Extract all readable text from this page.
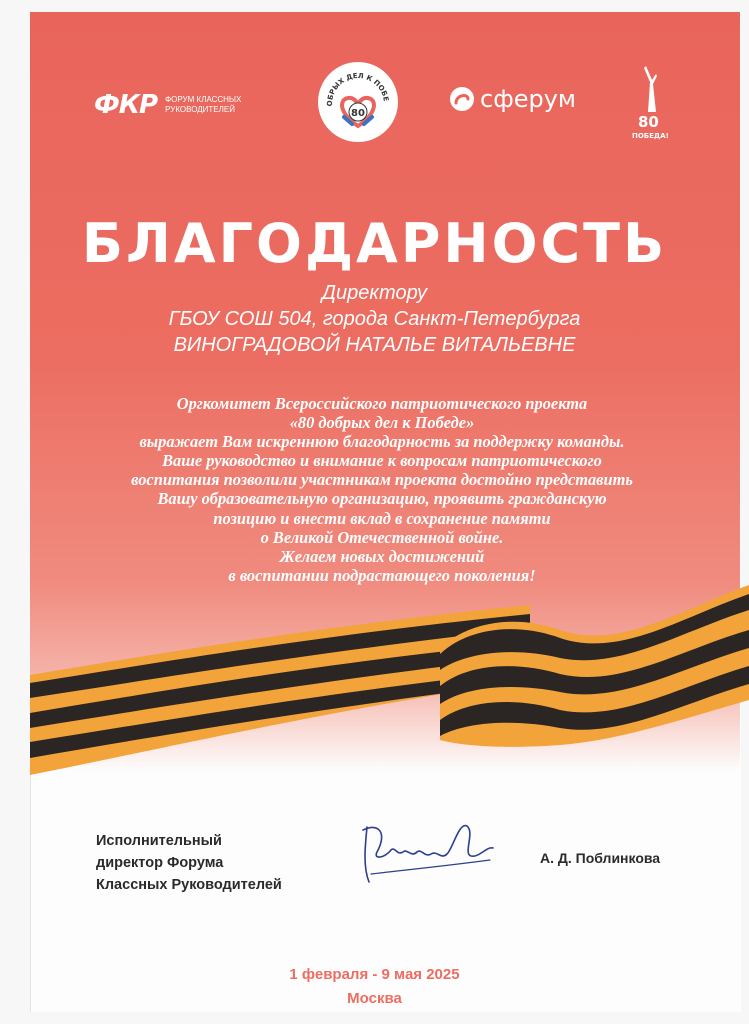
ФКР ФОРУМ КЛАССНЫХ РУКОВОДИТЕЛЕЙ
ОБРЫХ ДЕЛ К ПОБЕ
80
сферум
80
ПОБЕДА!
БЛАГОДАРНОСТЬ
Директору
ГБОУ СОШ 504, города Санкт-Петербурга
ВИНОГРАДОВОЙ НАТАЛЬЕ ВИТАЛЬЕВНЕ
Оргкомитет Всероссийского патриотического проекта
«80 добрых дел к Победе»
выражает Вам искреннюю благодарность за поддержку команды.
Ваше руководство и внимание к вопросам патриотического
воспитания позволили участникам проекта достойно представить
Вашу образовательную организацию, проявить гражданскую
позицию и внести вклад в сохранение памяти
о Великой Отечественной войне.
Желаем новых достижений
в воспитании подрастающего поколения!
Исполнительный
директор Форума
Классных Руководителей
А. Д. Поблинкова
1 февраля - 9 мая 2025
Москва
